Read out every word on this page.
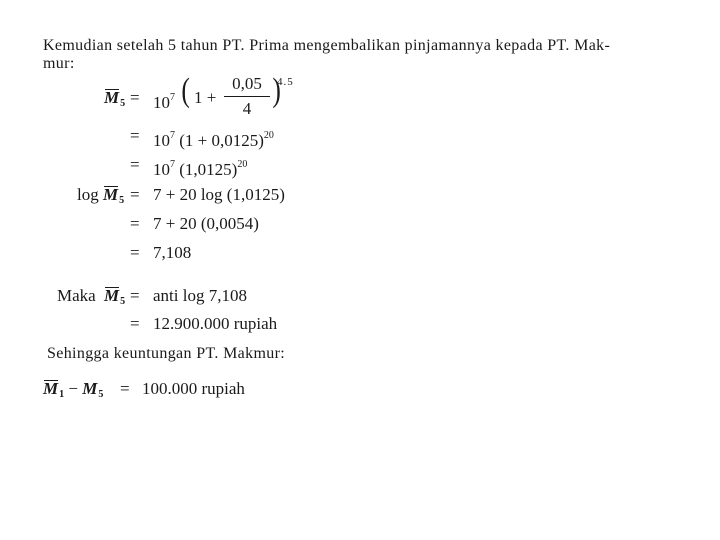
Kemudian setelah 5 tahun PT. Prima mengembalikan pinjamannya kepada PT. Mak-
mur:
$M_5 = 10^7$ ( 1 +
0,05
4 )
4.5
= $10^7$ $(1 + 0,0125)^{20}$
= $10^7$ $(1,0125)^{20}$
$\log M_5 = 7 + 20$ log (1,0125)
= 7 + 20 (0,0054)
= 7,108
Maka $M_5$ = anti log 7,108
= 12.900.000 rupiah
Sehingga keuntungan PT. Makmur:
$M_1 - M_5 = 100.000$ rupiah
